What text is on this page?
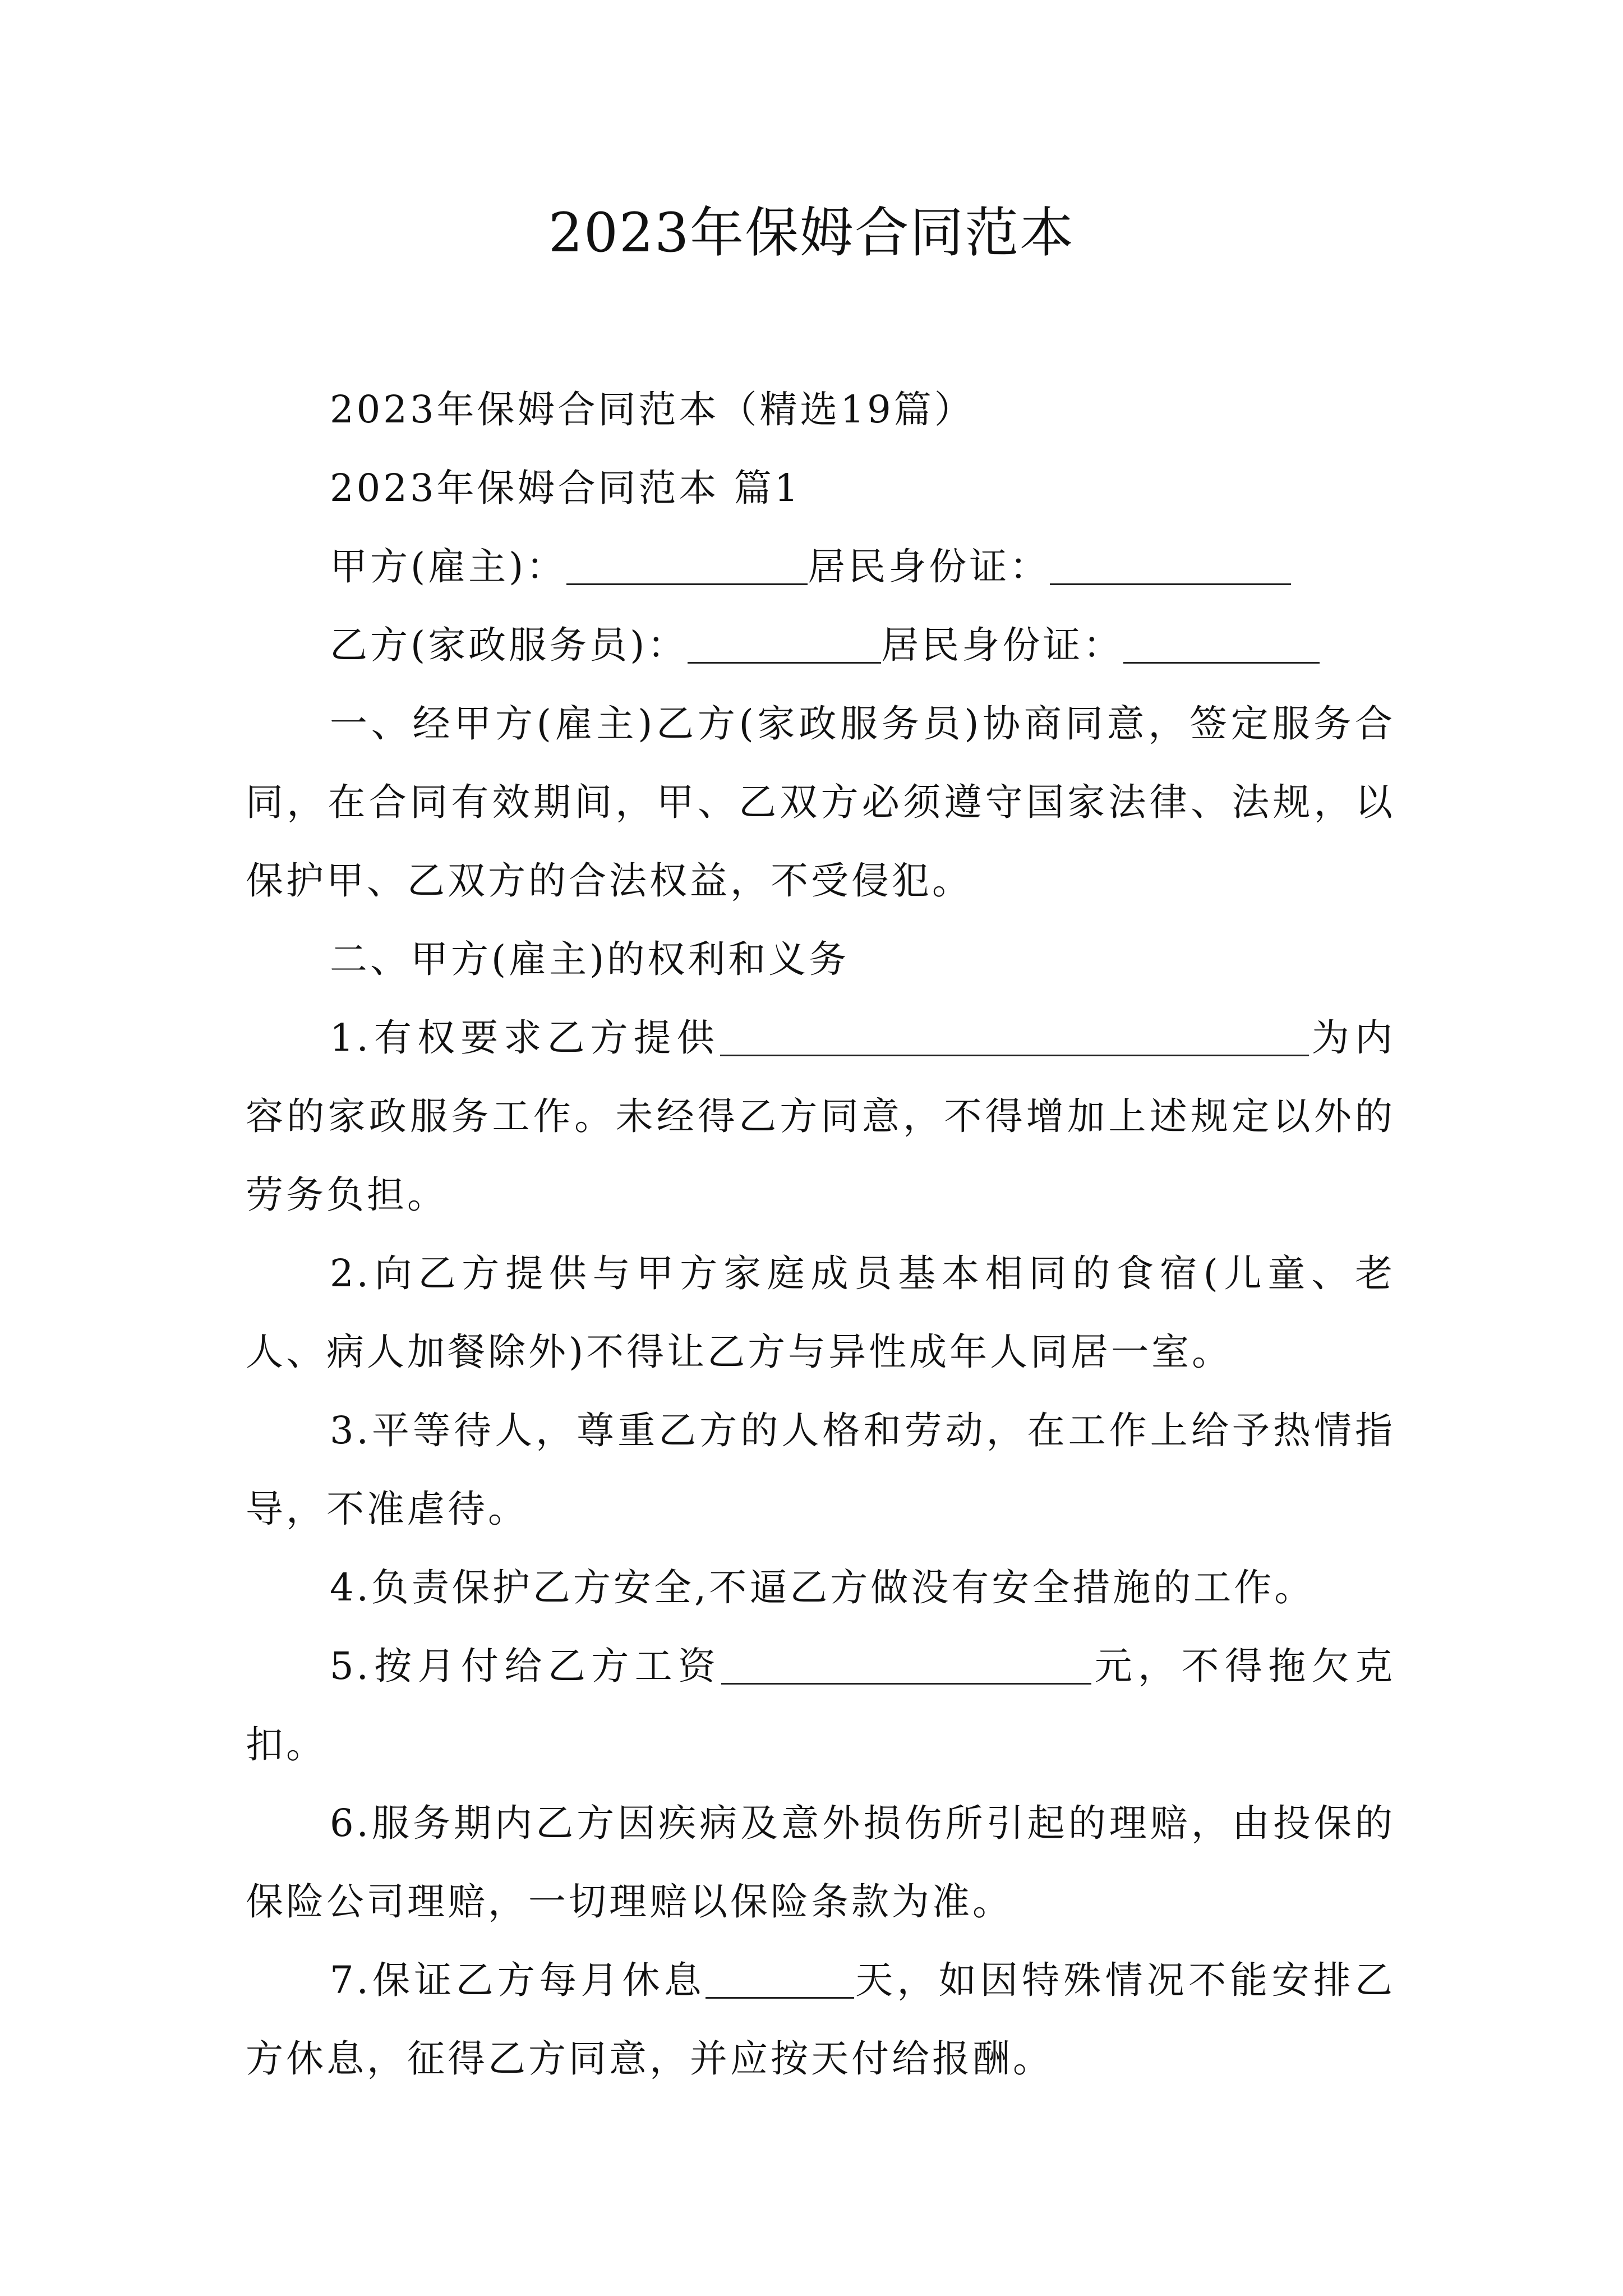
2023年保姆合同范本

2023年保姆合同范本（精选19篇）

2023年保姆合同范本 篇1

甲方(雇主)：	居民身份证：

乙方(家政服务员)：	居民身份证：

一、经甲方(雇主)乙方(家政服务员)协商同意，签定服务合同，在合同有效期间，甲、乙双方必须遵守国家法律、法规，以保护甲、乙双方的合法权益，不受侵犯。

二、甲方(雇主)的权利和义务

1.有权要求乙方提供	为内容的家政服务工作。未经得乙方同意，不得增加上述规定以外的劳务负担。

2.向乙方提供与甲方家庭成员基本相同的食宿(儿童、老人、病人加餐除外)不得让乙方与异性成年人同居一室。

3.平等待人，尊重乙方的人格和劳动，在工作上给予热情指导，不准虐待。

4.负责保护乙方安全,不逼乙方做没有安全措施的工作。

5.按月付给乙方工资	元，不得拖欠克扣。

6.服务期内乙方因疾病及意外损伤所引起的理赔，由投保的保险公司理赔，一切理赔以保险条款为准。

7.保证乙方每月休息	天，如因特殊情况不能安排乙方休息，征得乙方同意，并应按天付给报酬。
